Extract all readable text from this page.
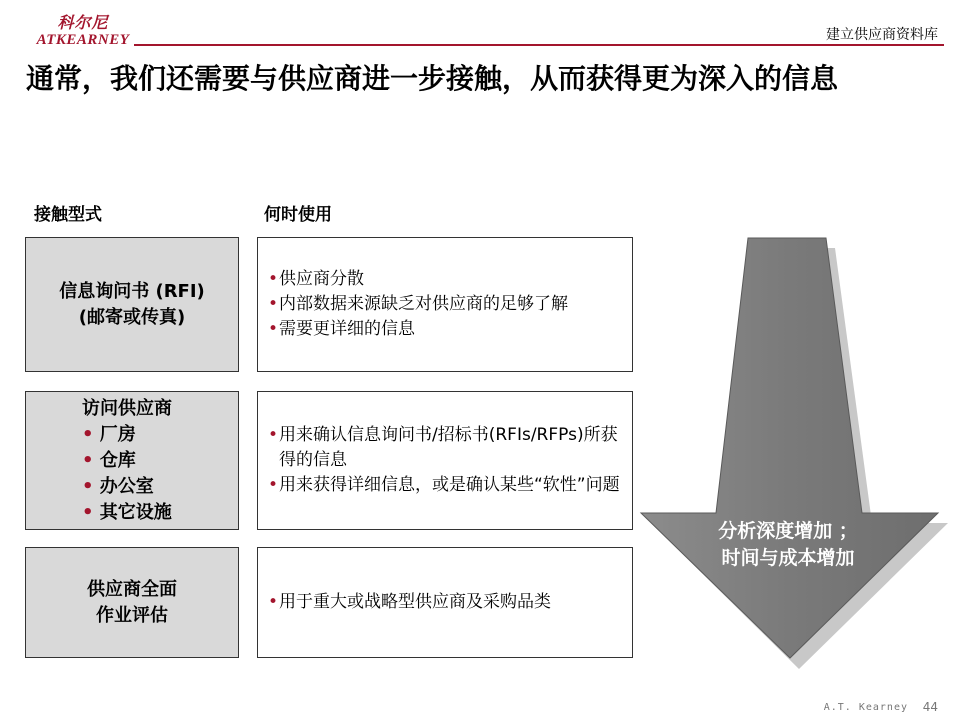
科尔尼
ATKEARNEY	建立供应商资料库
通常，我们还需要与供应商进一步接触，从而获得更为深入的信息
接触型式	何时使用
信息询问书 (RFI)
(邮寄或传真)
• 供应商分散
• 内部数据来源缺乏对供应商的足够了解
• 需要更详细的信息
访问供应商
• 厂房
• 仓库
• 办公室
• 其它设施
• 用来确认信息询问书/招标书(RFIs/RFPs)所获得的信息
• 用来获得详细信息，或是确认某些“软性”问题
供应商全面
作业评估
• 用于重大或战略型供应商及采购品类
分析深度增加 ；
时间与成本增加
A.T. Kearney 44
